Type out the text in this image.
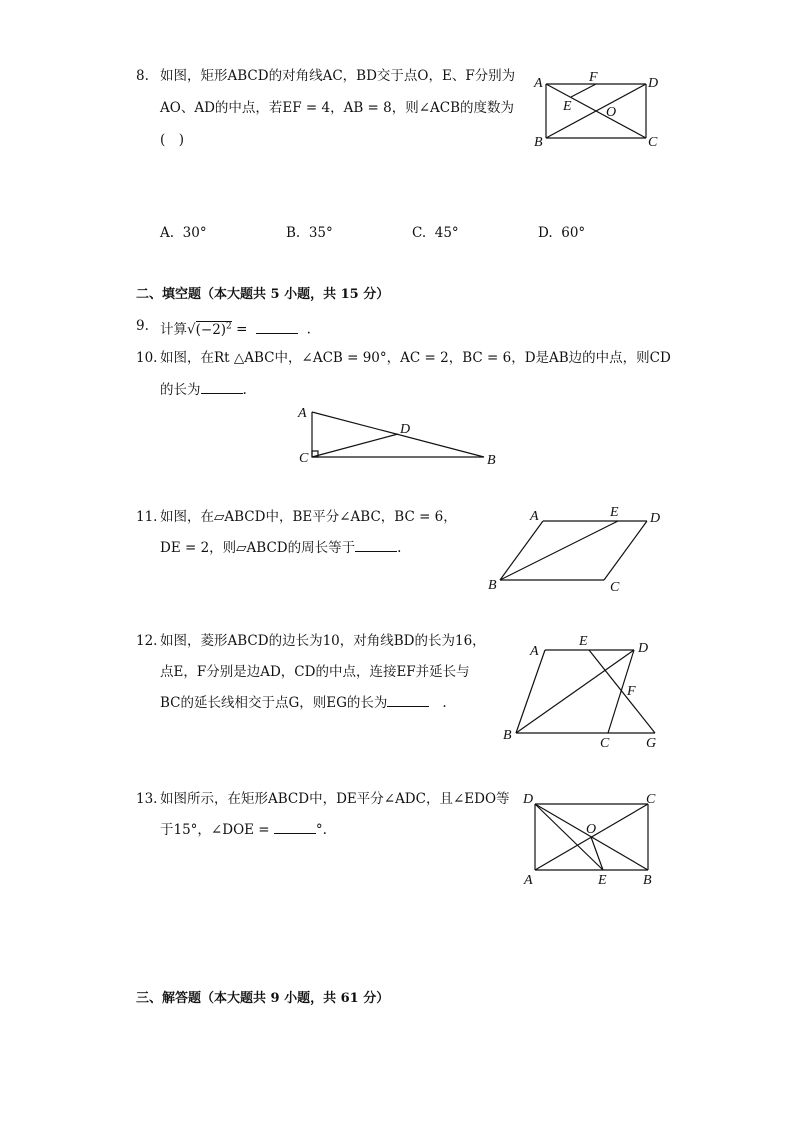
8. 如图，矩形ABCD的对角线AC，BD交于点O，E、F分别为
AO、AD的中点，若EF = 4，AB = 8，则∠ACB的度数为
(　)
A	F	D
E O
B	C
A. 30°	B. 35°	C. 45°	D. 60°
二、填空题（本大题共 5 小题，共 15 分）
9. 计算$√(-2)^2$ =	.
10. 如图，在Rt △ABC中，∠ACB = 90°，AC = 2，BC = 6，D是AB边的中点，则CD
的长为	.
A
D
C	B
11. 如图，在▱ABCD中，BE平分∠ABC，BC = 6，
DE = 2，则▱ABCD的周长等于	.
A	E D
B	C
12. 如图，菱形ABCD的边长为10，对角线BD的长为16，
点E，F分别是边AD，CD的中点，连接EF并延长与
BC的延长线相交于点G，则EG的长为	.
A
E	D
F
B
C	G
13. 如图所示，在矩形ABCD中，DE平分∠ADC，且∠EDO等
于15°，∠DOE =	°.
D	C
O
A	E	B
三、解答题（本大题共 9 小题，共 61 分）
